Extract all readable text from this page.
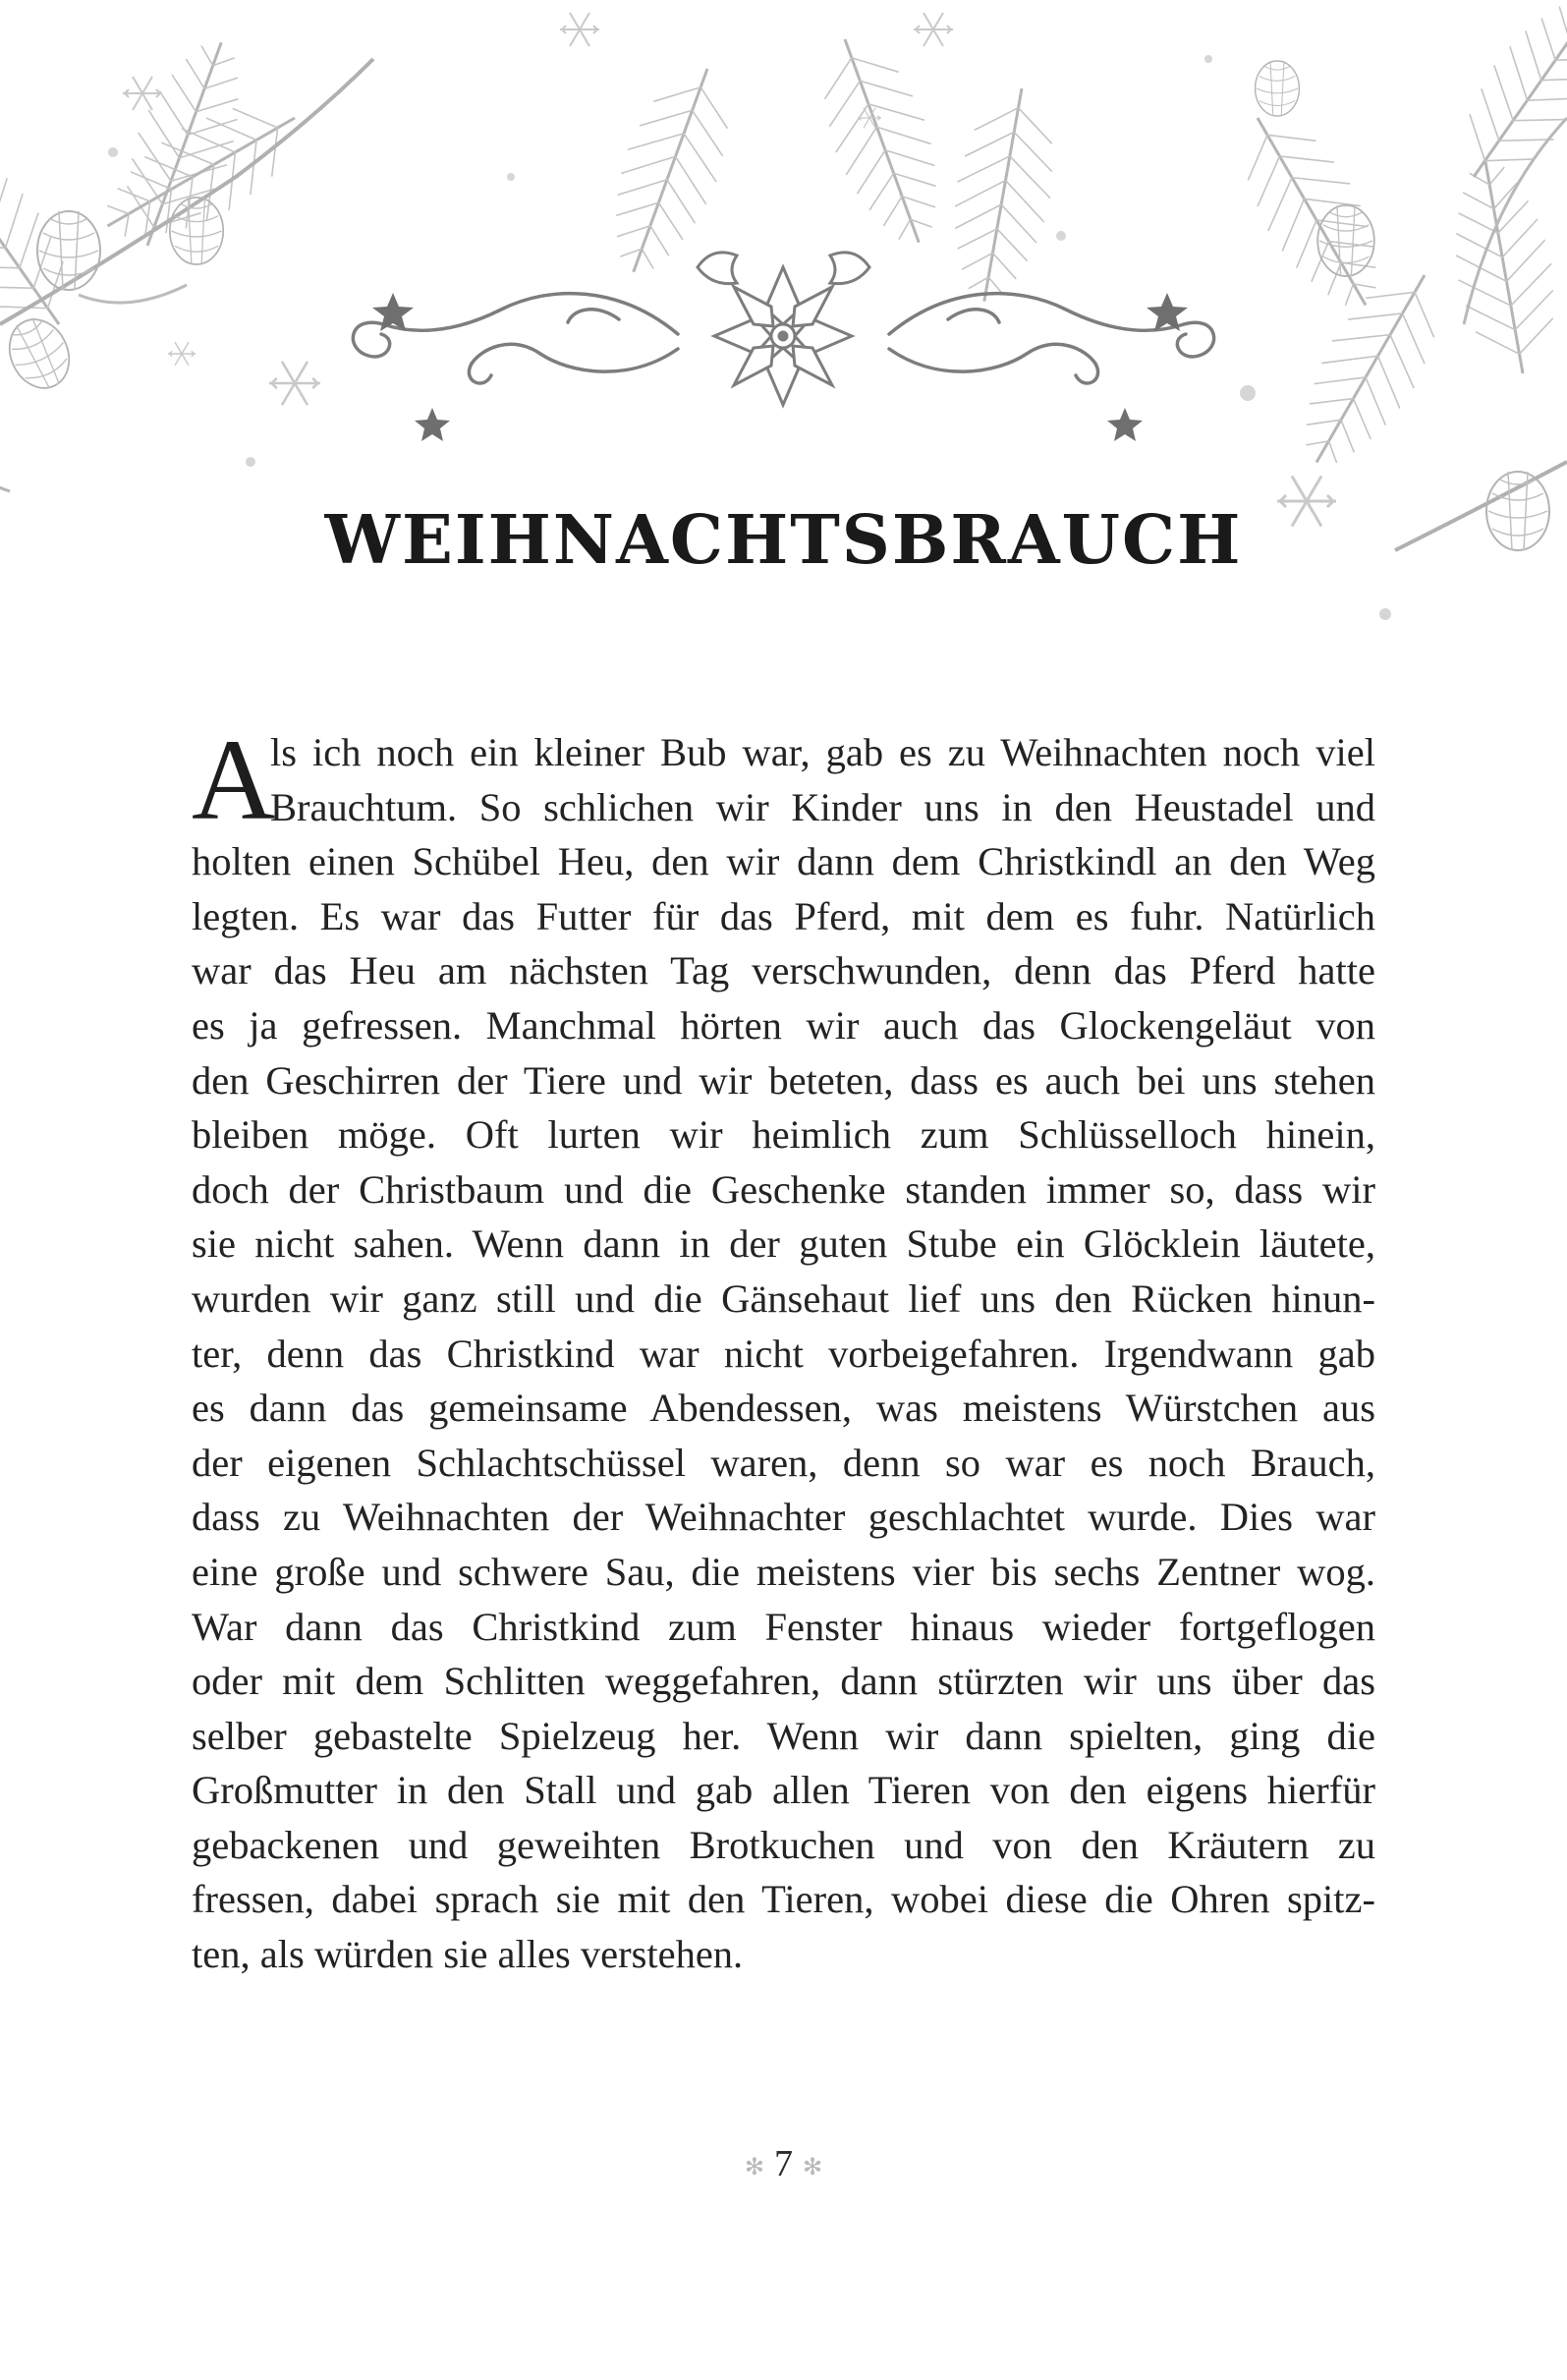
WEIHNACHTSBRAUCH
A
ls ich noch ein kleiner Bub war, gab es zu Weihnachten noch viel
Brauchtum. So schlichen wir Kinder uns in den Heustadel und
holten einen Schübel Heu, den wir dann dem Christkindl an den Weg
legten. Es war das Futter für das Pferd, mit dem es fuhr. Natürlich
war das Heu am nächsten Tag verschwunden, denn das Pferd hatte
es ja gefressen. Manchmal hörten wir auch das Glockengeläut von
den Geschirren der Tiere und wir beteten, dass es auch bei uns stehen
bleiben möge. Oft lurten wir heimlich zum Schlüsselloch hinein,
doch der Christbaum und die Geschenke standen immer so, dass wir
sie nicht sahen. Wenn dann in der guten Stube ein Glöcklein läutete,
wurden wir ganz still und die Gänsehaut lief uns den Rücken hinun-
ter, denn das Christkind war nicht vorbeigefahren. Irgendwann gab
es dann das gemeinsame Abendessen, was meistens Würstchen aus
der eigenen Schlachtschüssel waren, denn so war es noch Brauch,
dass zu Weihnachten der Weihnachter geschlachtet wurde. Dies war
eine große und schwere Sau, die meistens vier bis sechs Zentner wog.
War dann das Christkind zum Fenster hinaus wieder fortgeflogen
oder mit dem Schlitten weggefahren, dann stürzten wir uns über das
selber gebastelte Spielzeug her. Wenn wir dann spielten, ging die
Großmutter in den Stall und gab allen Tieren von den eigens hierfür
gebackenen und geweihten Brotkuchen und von den Kräutern zu
fressen, dabei sprach sie mit den Tieren, wobei diese die Ohren spitz-
ten, als würden sie alles verstehen.
✻ 7 ✻
